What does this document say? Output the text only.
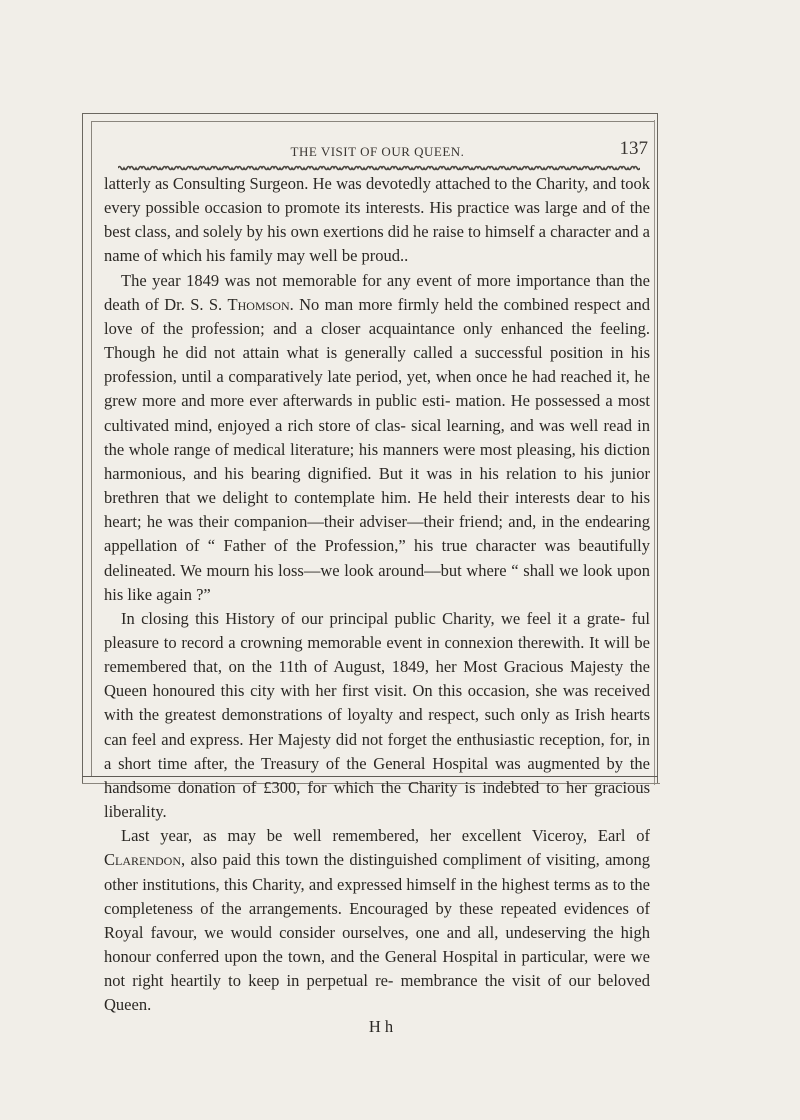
THE VISIT OF OUR QUEEN.	137

latterly as Consulting Surgeon. He was devotedly attached to the Charity, and took every possible occasion to promote its interests. His practice was large and of the best class, and solely by his own exertions did he raise to himself a character and a name of which his family may well be proud..

The year 1849 was not memorable for any event of more importance than the death of Dr. S. S. Thomson. No man more firmly held the combined respect and love of the profession; and a closer acquaintance only enhanced the feeling. Though he did not attain what is generally called a successful position in his profession, until a comparatively late period, yet, when once he had reached it, he grew more and more ever afterwards in public esti- mation. He possessed a most cultivated mind, enjoyed a rich store of clas- sical learning, and was well read in the whole range of medical literature; his manners were most pleasing, his diction harmonious, and his bearing dignified. But it was in his relation to his junior brethren that we delight to contemplate him. He held their interests dear to his heart; he was their companion—their adviser—their friend; and, in the endearing appellation of “ Father of the Profession,” his true character was beautifully delineated. We mourn his loss—we look around—but where “ shall we look upon his like again ?”

In closing this History of our principal public Charity, we feel it a grate- ful pleasure to record a crowning memorable event in connexion therewith. It will be remembered that, on the 11th of August, 1849, her Most Gracious Majesty the Queen honoured this city with her first visit. On this occasion, she was received with the greatest demonstrations of loyalty and respect, such only as Irish hearts can feel and express. Her Majesty did not forget the enthusiastic reception, for, in a short time after, the Treasury of the General Hospital was augmented by the handsome donation of £300, for which the Charity is indebted to her gracious liberality.

Last year, as may be well remembered, her excellent Viceroy, Earl of Clarendon, also paid this town the distinguished compliment of visiting, among other institutions, this Charity, and expressed himself in the highest terms as to the completeness of the arrangements. Encouraged by these repeated evidences of Royal favour, we would consider ourselves, one and all, undeserving the high honour conferred upon the town, and the General Hospital in particular, were we not right heartily to keep in perpetual re- membrance the visit of our beloved Queen.

H h
